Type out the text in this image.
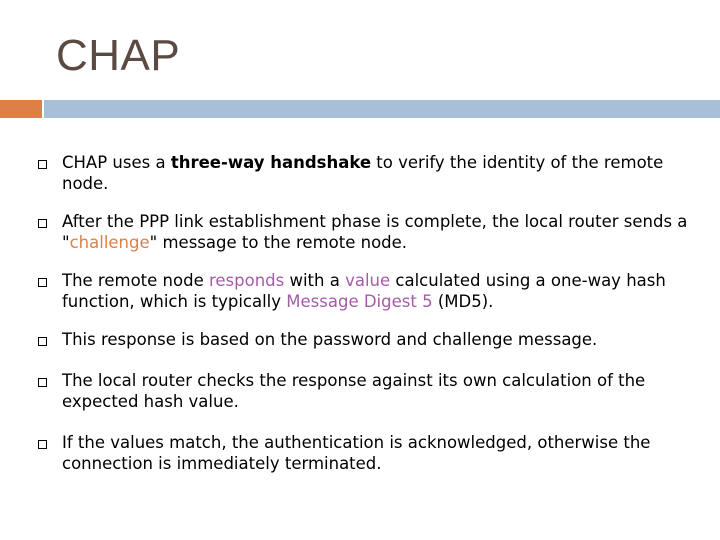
CHAP
CHAP uses a three-way handshake to verify the identity of the remote node.
After the PPP link establishment phase is complete, the local router sends a "challenge" message to the remote node.
The remote node responds with a value calculated using a one-way hash function, which is typically Message Digest 5 (MD5).
This response is based on the password and challenge message.
The local router checks the response against its own calculation of the expected hash value.
If the values match, the authentication is acknowledged, otherwise the connection is immediately terminated.
